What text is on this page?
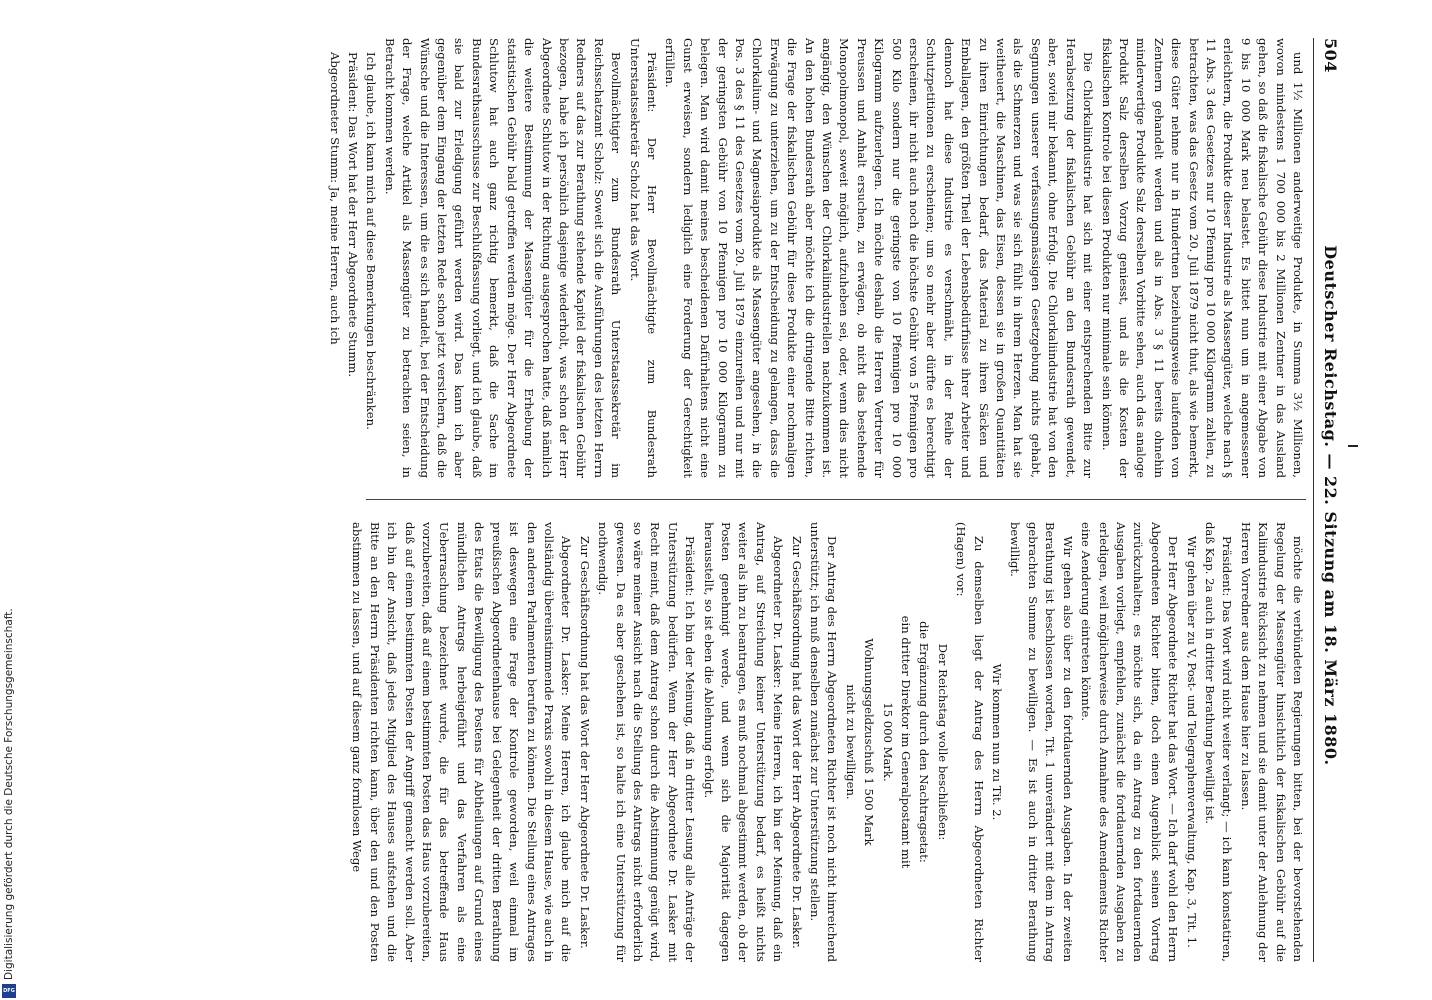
504
Deutscher Reichstag. — 22. Sitzung am 18. März 1880.

und 1½ Millionen anderweitige Produkte, in Summa 3½ Millionen, wovon mindestens 1 700 000 bis 2 Millionen Zentner in das Ausland gehen, so daß die fiskalische Gebühr diese Industrie mit einer Abgabe von 9 bis 10 000 Mark neu belastet. Es bittet nun um in angemessener erleichtern, die Produkte dieser Industrie als Massengüter, welche nach § 11 Abs. 3 des Gesetzes nur 10 Pfennig pro 10 000 Kilogramm zahlen, zu betrachten, was das Gesetz vom 20. Juli 1879 nicht thut, als wie bemerkt, diese Güter nehme nur in Hundertnen beziehungsweise laufenden von Zentnern gehandelt werden und als in Abs. 3 § 11 bereits ohnehin minderwertige Produkte Salz derselben Vorbitte sehen, auch das analoge Produkt Salz derselben Vorzug geniesst, und als die Kosten der fiskalischen Kontrole bei diesen Produkten nur minimale sein können.

Die Chlorkaliindustrie hat sich mit einer entsprechenden Bitte zur Herabsetzung der fiskalischen Gebühr an den Bundesrath gewendet, aber, soviel mir bekannt, ohne Erfolg. Die Chlorkaliindustrie hat von den Segnungen unserer verfassungsmässigen Gesetzgebung nichts gehabt, als die Schmerzen und was sie sich fühlt in ihrem Herzen. Man hat sie weitheuert, die Maschinen, das Eisen, dessen sie in großen Quantitäten zu ihren Einrichtungen bedarf, das Material zu ihren Säcken und Emballagen, den größten Theil der Lebensbedürfnisse ihrer Arbeiter und dennoch hat diese Industrie es verschmäht, in der Reihe der Schutzpetitionen zu erscheinen; um so mehr aber dürfte es berechtigt erscheinen, ihr nicht auch noch die höchste Gebühr von 5 Pfennigen pro 500 Kilo sondern nur die geringste von 10 Pfennigen pro 10 000 Kilogramm aufzuerlegen. Ich möchte deshalb die Herren Vertreter für Preussen und Anhalt ersuchen, zu erwägen, ob nicht das bestehende Monopolmonopol, soweit möglich, aufzuheben sei, oder, wenn dies nicht angängig, den Wünschen der Chlorkaliindustriellen nachzukommen ist. An den hohen Bundesrath aber möchte ich die dringende Bitte richten, die Frage der fiskalischen Gebühr für diese Produkte einer nochmaligen Erwägung zu unterziehen, um zu der Entscheidung zu gelangen, dass die Chlorkalium- und Magnesiaprodukte als Massengüter angesehen, in die Pos. 3 des § 11 des Gesetzes vom 20. Juli 1879 einzureihen und nur mit der geringsten Gebühr von 10 Pfennigen pro 10 000 Kilogramm zu belegen. Man wird damit meines bescheidenen Dafürhaltens nicht eine Gunst erweisen, sondern lediglich eine Forderung der Gerechtigkeit erfüllen.

Präsident: Der Herr Bevollmächtigte zum Bundesrath Unterstaatssekretär Scholz hat das Wort.

Bevollmächtigter zum Bundesrath Unterstaatssekretär im Reichsschatzamt Scholz: Soweit sich die Ausführungen des letzten Herrn Redners auf das zur Berathung stehende Kapitel der fiskalischen Gebühr bezogen, habe ich persönlich dasjenige wiederholt, was schon der Herr Abgeordnete Schlutow in der Richtung ausgesprochen hatte, daß nämlich die weitere Bestimmung der Massengüter für die Erhebung der statistischen Gebühr bald getroffen werden möge. Der Herr Abgeordnete Schlutow hat auch ganz richtig bemerkt, daß die Sache im Bundesrathsausschusse zur Beschlußfassung vorliegt, und ich glaube, daß sie bald zur Erledigung geführt werden wird. Das kann ich aber gegenüber dem Eingang der letzten Rede schon jetzt versichern, daß die Wünsche und die Interessen, um die es sich handelt, bei der Entscheidung der Frage, welche Artikel als Massengüter zu betrachten seien, in Betracht kommen werden.

Ich glaube, ich kann mich auf diese Bemerkungen beschränken.

Präsident: Das Wort hat der Herr Abgeordnete Stumm.

Abgeordneter Stumm: Ja, meine Herren, auch ich

möchte die verbündeten Regierungen bitten, bei der bevorstehenden Regelung der Massengüter hinsichtlich der fiskalischen Gebühr auf die Kaliindustrie Rücksicht zu nehmen und sie damit unter der Anlehnung der Herren Vorredner aus dem Hause hier zu lassen.

Präsident: Das Wort wird nicht weiter verlangt; — ich kann konstatiren, daß Kap. 2a auch in dritter Berathung bewilligt ist.

Wir gehen über zu V, Post- und Telegraphenverwaltung, Kap. 3, Tit. 1.

Der Herr Abgeordnete Richter hat das Wort. — Ich darf wohl den Herrn Abgeordneten Richter bitten, doch einen Augenblick seinen Vortrag zurückzuhalten; es möchte sich, da ein Antrag zu den fortdauernden Ausgaben vorliegt, empfehlen, zunächst die fortdauernden Ausgaben zu erledigen, weil möglicherweise durch Annahme des Amendements Richter eine Aenderung eintreten könnte.

Wir gehen also über zu den fortdauernden Ausgaben. In der zweiten Berathung ist beschlossen worden, Tit. 1 unverändert mit dem in Antrag gebrachten Summe zu bewilligen. — Es ist auch in dritter Berathung bewilligt.

Wir kommen nun zu Tit. 2.

Zu demselben liegt der Antrag des Herrn Abgeordneten Richter (Hagen) vor:

Der Reichstag wolle beschließen:

die Ergänzung durch den Nachtragsetat:

ein dritter Direktor im Generalpostamt mit

15 000 Mark.

Wohnungsgeldzuschuß 1 500 Mark

nicht zu bewilligen.

Der Antrag des Herrn Abgeordneten Richter ist noch nicht hinreichend unterstützt; ich muß denselben zunächst zur Unterstützung stellen.

Zur Geschäftsordnung hat das Wort der Herr Abgeordnete Dr. Lasker.

Abgeordneter Dr. Lasker: Meine Herren, ich bin der Meinung, daß ein Antrag, auf Streichung keiner Unterstützung bedarf, es heißt nichts weiter als ihn zu beantragen, es muß nochmal abgestimmt werden, ob der Posten genehmigt werde, und wenn sich die Majorität dagegen herausstellt, so ist eben die Ablehnung erfolgt.

Präsident: Ich bin der Meinung, daß in dritter Lesung alle Anträge der Unterstützung bedürfen. Wenn der Herr Abgeordnete Dr. Lasker mit Recht meint, daß dem Antrag schon durch die Abstimmung genügt wird, so wäre meiner Ansicht nach die Stellung des Antrags nicht erforderlich gewesen. Da es aber geschehen ist, so halte ich eine Unterstützung für nothwendig.

Zur Geschäftsordnung hat das Wort der Herr Abgeordnete Dr. Lasker.

Abgeordneter Dr. Lasker: Meine Herren, ich glaube mich auf die vollständig übereinstimmende Praxis sowohl in diesem Hause, wie auch in den anderen Parlamenten berufen zu können. Die Stellung eines Antrages ist deswegen eine Frage der Kontrole geworden, weil einmal im preußischen Abgeordnetenhause bei Gelegenheit der dritten Berathung des Etats die Bewilligung des Postens für Abtheilungen auf Grund eines mündlichen Antrags herbeigeführt und das Verfahren als eine Ueberraschung bezeichnet wurde, die für das betreffende Haus vorzubereiten, daß auf einem bestimmten Posten das Haus vorzubereiten, daß auf einem bestimmten Posten der Angriff gemacht werden soll. Aber ich bin der Ansicht, daß jedes Mitglied des Hauses aufstehen und die Bitte an den Herrn Präsidenten richten kann, über den und den Posten abstimmen zu lassen, und auf diesem ganz formlosen Wege

Digitalisierung gefördert durch die Deutsche Forschungsgemeinschaft.
DFG
